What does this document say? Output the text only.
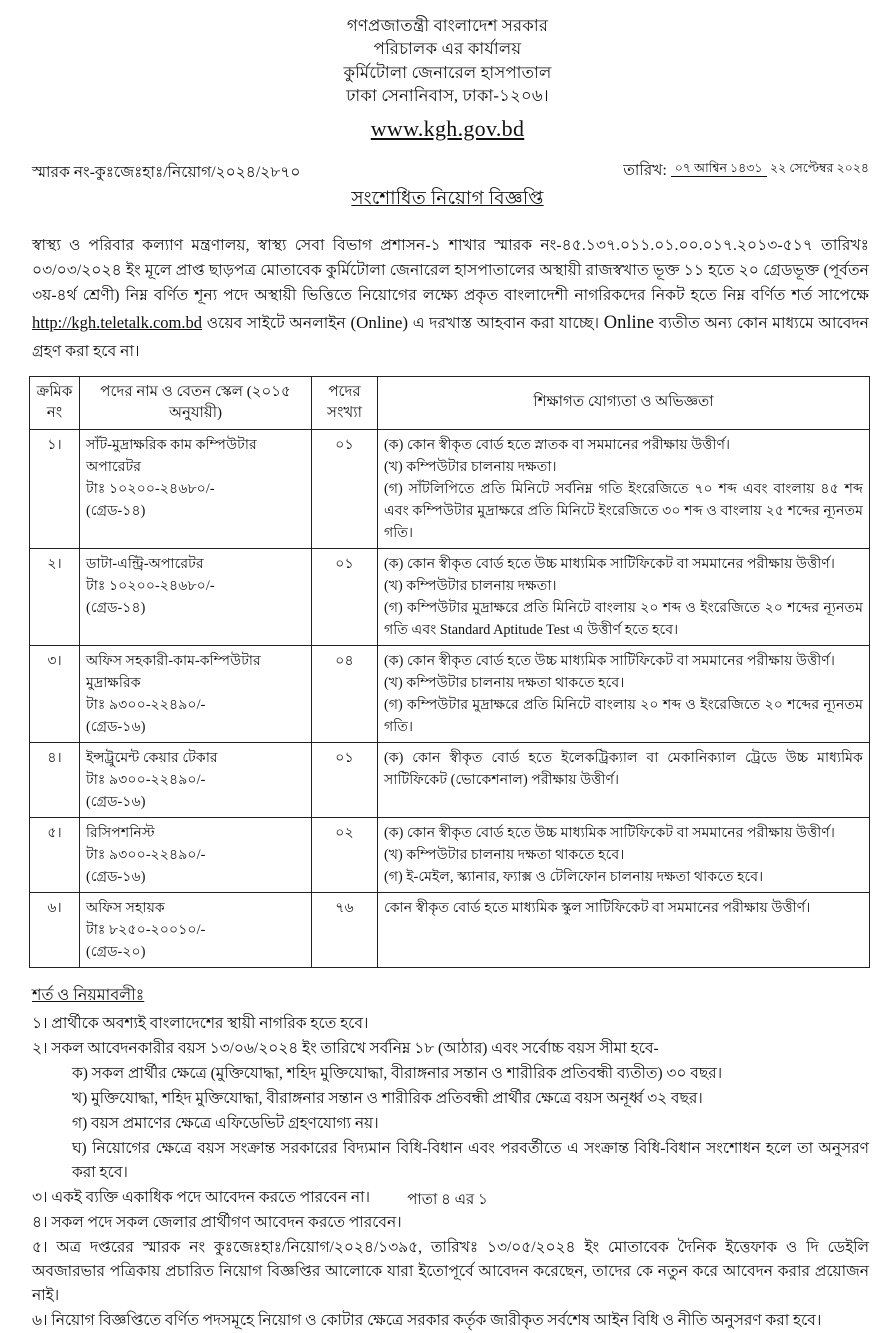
গণপ্রজাতন্ত্রী বাংলাদেশ সরকার
পরিচালক এর কার্যালয়
কুর্মিটোলা জেনারেল হাসপাতাল
ঢাকা সেনানিবাস, ঢাকা-১২০৬।
www.kgh.gov.bd
স্মারক নং-কুঃজেঃহাঃ/নিয়োগ/২০২৪/২৮৭০	তারিখ: ০৭ আশ্বিন ১৪৩১ ২২ সেপ্টেম্বর ২০২৪
সংশোধিত নিয়োগ বিজ্ঞপ্তি

স্বাস্থ্য ও পরিবার কল্যাণ মন্ত্রণালয়, স্বাস্থ্য সেবা বিভাগ প্রশাসন-১ শাখার স্মারক নং-৪৫.১৩৭.০১১.০১.০০.০১৭.২০১৩-৫১৭ তারিখঃ ০৩/০৩/২০২৪ ইং মূলে প্রাপ্ত ছাড়পত্র মোতাবেক কুর্মিটোলা জেনারেল হাসপাতালের অস্থায়ী রাজস্বখাত ভূক্ত ১১ হতে ২০ গ্রেডভূক্ত (পূর্বতন ৩য়-৪র্থ শ্রেণী) নিম্ন বর্ণিত শূন্য পদে অস্থায়ী ভিত্তিতে নিয়োগের লক্ষ্যে প্রকৃত বাংলাদেশী নাগরিকদের নিকট হতে নিম্ন বর্ণিত শর্ত সাপেক্ষে http://kgh.teletalk.com.bd ওয়েব সাইটে অনলাইন (Online) এ দরখাস্ত আহবান করা যাচ্ছে। Online ব্যতীত অন্য কোন মাধ্যমে আবেদন গ্রহণ করা হবে না।

ক্রমিক নং	পদের নাম ও বেতন স্কেল (২০১৫ অনুযায়ী)	পদের সংখ্যা	শিক্ষাগত যোগ্যতা ও অভিজ্ঞতা
১।	সাঁট-মুদ্রাক্ষরিক কাম কম্পিউটার
অপারেটর
টাঃ ১০২০০-২৪৬৮০/-
(গ্রেড-১৪)
	০১	(ক) কোন স্বীকৃত বোর্ড হতে স্নাতক বা সমমানের পরীক্ষায় উত্তীর্ণ।
(খ) কম্পিউটার চালনায় দক্ষতা।
(গ) সাঁটলিপিতে প্রতি মিনিটে সর্বনিম্ন গতি ইংরেজিতে ৭০ শব্দ এবং বাংলায় ৪৫ শব্দ এবং কম্পিউটার মুদ্রাক্ষরে প্রতি মিনিটে ইংরেজিতে ৩০ শব্দ ও বাংলায় ২৫ শব্দের ন্যূনতম গতি।

২।	ডাটা-এন্ট্রি-অপারেটর
টাঃ ১০২০০-২৪৬৮০/-
(গ্রেড-১৪)
	০১	(ক) কোন স্বীকৃত বোর্ড হতে উচ্চ মাধ্যমিক সাটিফিকেট বা সমমানের পরীক্ষায় উত্তীর্ণ।
(খ) কম্পিউটার চালনায় দক্ষতা।
(গ) কম্পিউটার মুদ্রাক্ষরে প্রতি মিনিটে বাংলায় ২০ শব্দ ও ইংরেজিতে ২০ শব্দের ন্যূনতম গতি এবং Standard Aptitude Test এ উত্তীর্ণ হতে হবে।

৩।	অফিস সহকারী-কাম-কম্পিউটার
মুদ্রাক্ষরিক
টাঃ ৯৩০০-২২৪৯০/-
(গ্রেড-১৬)
	০৪	(ক) কোন স্বীকৃত বোর্ড হতে উচ্চ মাধ্যমিক সাটিফিকেট বা সমমানের পরীক্ষায় উত্তীর্ণ।
(খ) কম্পিউটার চালনায় দক্ষতা থাকতে হবে।
(গ) কম্পিউটার মুদ্রাক্ষরে প্রতি মিনিটে বাংলায় ২০ শব্দ ও ইংরেজিতে ২০ শব্দের ন্যূনতম গতি।

৪।	ইন্সট্রুমেন্ট কেয়ার টেকার
টাঃ ৯৩০০-২২৪৯০/-
(গ্রেড-১৬)	০১	(ক) কোন স্বীকৃত বোর্ড হতে ইলেকট্রিক্যাল বা মেকানিক্যাল ট্রেডে উচ্চ মাধ্যমিক সাটিফিকেট (ভোকেশনাল) পরীক্ষায় উত্তীর্ণ।

৫।	রিসিপশনিস্ট
টাঃ ৯৩০০-২২৪৯০/-
(গ্রেড-১৬)	০২	(ক) কোন স্বীকৃত বোর্ড হতে উচ্চ মাধ্যমিক সাটিফিকেট বা সমমানের পরীক্ষায় উত্তীর্ণ।
(খ) কম্পিউটার চালনায় দক্ষতা থাকতে হবে।
(গ) ই-মেইল, স্ক্যানার, ফ্যাক্স ও টেলিফোন চালনায় দক্ষতা থাকতে হবে।

৬।	অফিস সহায়ক
টাঃ ৮২৫০-২০০১০/-
(গ্রেড-২০)	৭৬	কোন স্বীকৃত বোর্ড হতে মাধ্যমিক স্কুল সাটিফিকেট বা সমমানের পরীক্ষায় উত্তীর্ণ।
শর্ত ও নিয়মাবলীঃ
১। প্রার্থীকে অবশ্যই বাংলাদেশের স্থায়ী নাগরিক হতে হবে।
২। সকল আবেদনকারীর বয়স ১৩/০৬/২০২৪ ইং তারিখে সর্বনিম্ন ১৮ (আঠার) এবং সর্বোচ্চ বয়স সীমা হবে-
ক) সকল প্রার্থীর ক্ষেত্রে (মুক্তিযোদ্ধা, শহিদ মুক্তিযোদ্ধা, বীরাঙ্গনার সন্তান ও শারীরিক প্রতিবন্ধী ব্যতীত) ৩০ বছর।
খ) মুক্তিযোদ্ধা, শহিদ মুক্তিযোদ্ধা, বীরাঙ্গনার সন্তান ও শারীরিক প্রতিবন্ধী প্রার্থীর ক্ষেত্রে বয়স অনূর্ধ্ব ৩২ বছর।
গ) বয়স প্রমাণের ক্ষেত্রে এফিডেভিট গ্রহণযোগ্য নয়।
ঘ) নিয়োগের ক্ষেত্রে বয়স সংক্রান্ত সরকারের বিদ্যমান বিধি-বিধান এবং পরবর্তীতে এ সংক্রান্ত বিধি-বিধান সংশোধন হলে তা অনুসরণ করা হবে।
৩। একই ব্যক্তি একাধিক পদে আবেদন করতে পারবেন না।
৪। সকল পদে সকল জেলার প্রার্থীগণ আবেদন করতে পারবেন।
৫। অত্র দপ্তরের স্মারক নং কুঃজেঃহাঃ/নিয়োগ/২০২৪/১৩৯৫, তারিখঃ ১৩/০৫/২০২৪ ইং মোতাবেক দৈনিক ইত্তেফাক ও দি ডেইলি অবজারভার পত্রিকায় প্রচারিত নিয়োগ বিজ্ঞপ্তির আলোকে যারা ইতোপূর্বে আবেদন করেছেন, তাদের কে নতুন করে আবেদন করার প্রয়োজন নাই।
৬। নিয়োগ বিজ্ঞপ্তিতে বর্ণিত পদসমূহে নিয়োগ ও কোটার ক্ষেত্রে সরকার কর্তৃক জারীকৃত সর্বশেষ আইন বিধি ও নীতি অনুসরণ করা হবে।
পাতা ৪ এর ১
